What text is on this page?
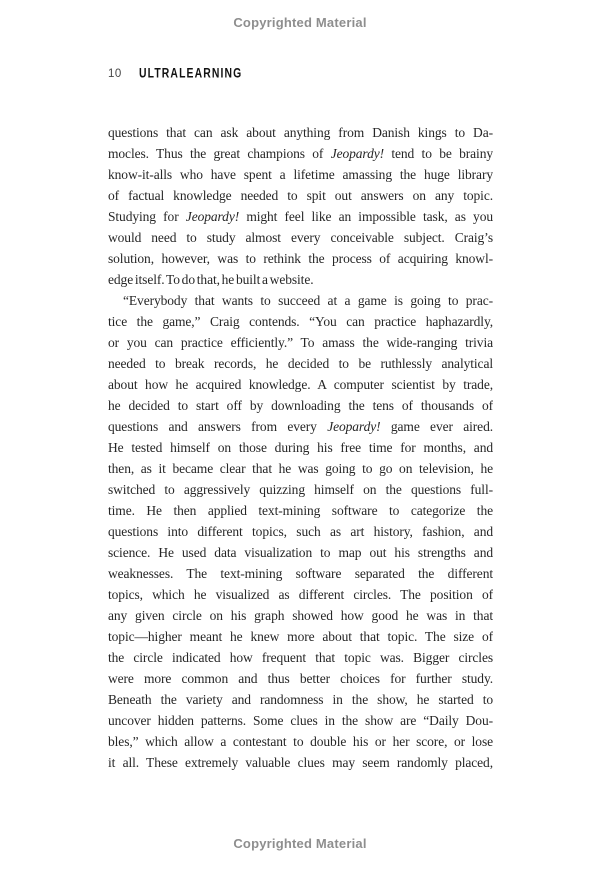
Copyrighted Material
10 ULTRALEARNING
questions that can ask about anything from Danish kings to Da-
mocles. Thus the great champions of Jeopardy! tend to be brainy
know-it-alls who have spent a lifetime amassing the huge library
of factual knowledge needed to spit out answers on any topic.
Studying for Jeopardy! might feel like an impossible task, as you
would need to study almost every conceivable subject. Craig’s
solution, however, was to rethink the process of acquiring knowl-
edge itself. To do that, he built a website.
“Everybody that wants to succeed at a game is going to prac-
tice the game,” Craig contends. “You can practice haphazardly,
or you can practice efficiently.” To amass the wide-ranging trivia
needed to break records, he decided to be ruthlessly analytical
about how he acquired knowledge. A computer scientist by trade,
he decided to start off by downloading the tens of thousands of
questions and answers from every Jeopardy! game ever aired.
He tested himself on those during his free time for months, and
then, as it became clear that he was going to go on television, he
switched to aggressively quizzing himself on the questions full-
time. He then applied text-mining software to categorize the
questions into different topics, such as art history, fashion, and
science. He used data visualization to map out his strengths and
weaknesses. The text-mining software separated the different
topics, which he visualized as different circles. The position of
any given circle on his graph showed how good he was in that
topic—higher meant he knew more about that topic. The size of
the circle indicated how frequent that topic was. Bigger circles
were more common and thus better choices for further study.
Beneath the variety and randomness in the show, he started to
uncover hidden patterns. Some clues in the show are “Daily Dou-
bles,” which allow a contestant to double his or her score, or lose
it all. These extremely valuable clues may seem randomly placed,
Copyrighted Material
